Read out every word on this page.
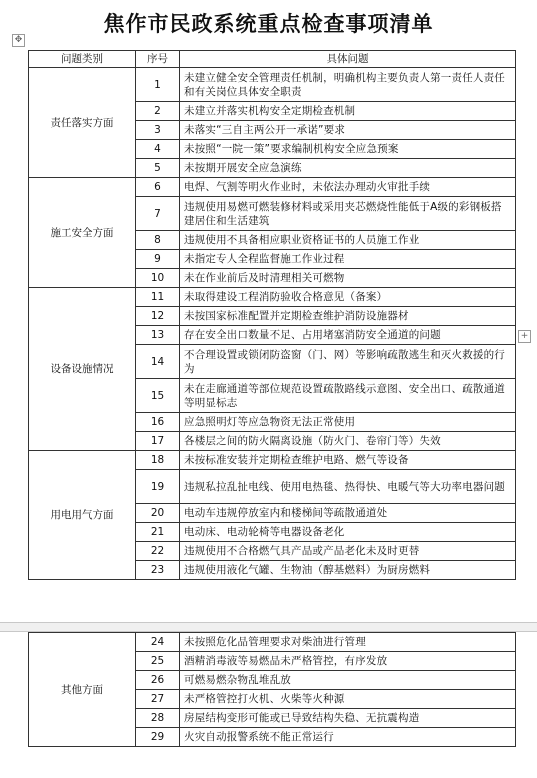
焦作市民政系统重点检查事项清单
✥
+
问题类别	序号	具体问题
责任落实方面	1	未建立健全安全管理责任机制，明确机构主要负责人第一责任人责任和有关岗位具体安全职责
	2	未建立并落实机构安全定期检查机制
	3	未落实“三自主两公开一承诺”要求
	4	未按照“一院一策”要求编制机构安全应急预案
	5	未按期开展安全应急演练
施工安全方面	6	电焊、气割等明火作业时，未依法办理动火审批手续
	7	违规使用易燃可燃装修材料或采用夹芯燃烧性能低于A级的彩钢板搭建居住和生活建筑
	8	违规使用不具备相应职业资格证书的人员施工作业
	9	未指定专人全程监督施工作业过程
	10	未在作业前后及时清理相关可燃物
设备设施情况	11	未取得建设工程消防验收合格意见（备案）
	12	未按国家标准配置并定期检查维护消防设施器材
	13	存在安全出口数量不足、占用堵塞消防安全通道的问题
	14	不合理设置或锁闭防盗窗（门、网）等影响疏散逃生和灭火救援的行为
	15	未在走廊通道等部位规范设置疏散路线示意图、安全出口、疏散通道等明显标志
	16	应急照明灯等应急物资无法正常使用
	17	各楼层之间的防火隔离设施（防火门、卷帘门等）失效
用电用气方面	18	未按标准安装并定期检查维护电路、燃气等设备
	19	违规私拉乱扯电线、使用电热毯、热得快、电暖气等大功率电器问题
	20	电动车违规停放室内和楼梯间等疏散通道处
	21	电动床、电动轮椅等电器设备老化
	22	违规使用不合格燃气具产品或产品老化未及时更替
	23	违规使用液化气罐、生物油（醇基燃料）为厨房燃料
其他方面	24	未按照危化品管理要求对柴油进行管理
	25	酒精消毒液等易燃品未严格管控，有序发放
	26	可燃易燃杂物乱堆乱放
	27	未严格管控打火机、火柴等火种源
	28	房屋结构变形可能或已导致结构失稳、无抗震构造
	29	火灾自动报警系统不能正常运行
